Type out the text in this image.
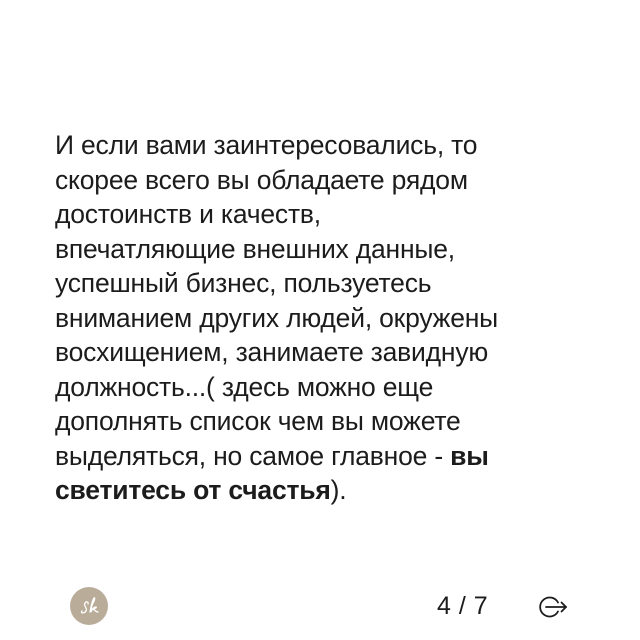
И если вами заинтересовались, то
скорее всего вы обладаете рядом
достоинств и качеств,
впечатляющие внешних данные,
успешный бизнес, пользуетесь
вниманием других людей, окружены
восхищением, занимаете завидную
должность...( здесь можно еще
дополнять список чем вы можете
выделяться, но самое главное - вы
светитесь от счастья).

4 / 7
